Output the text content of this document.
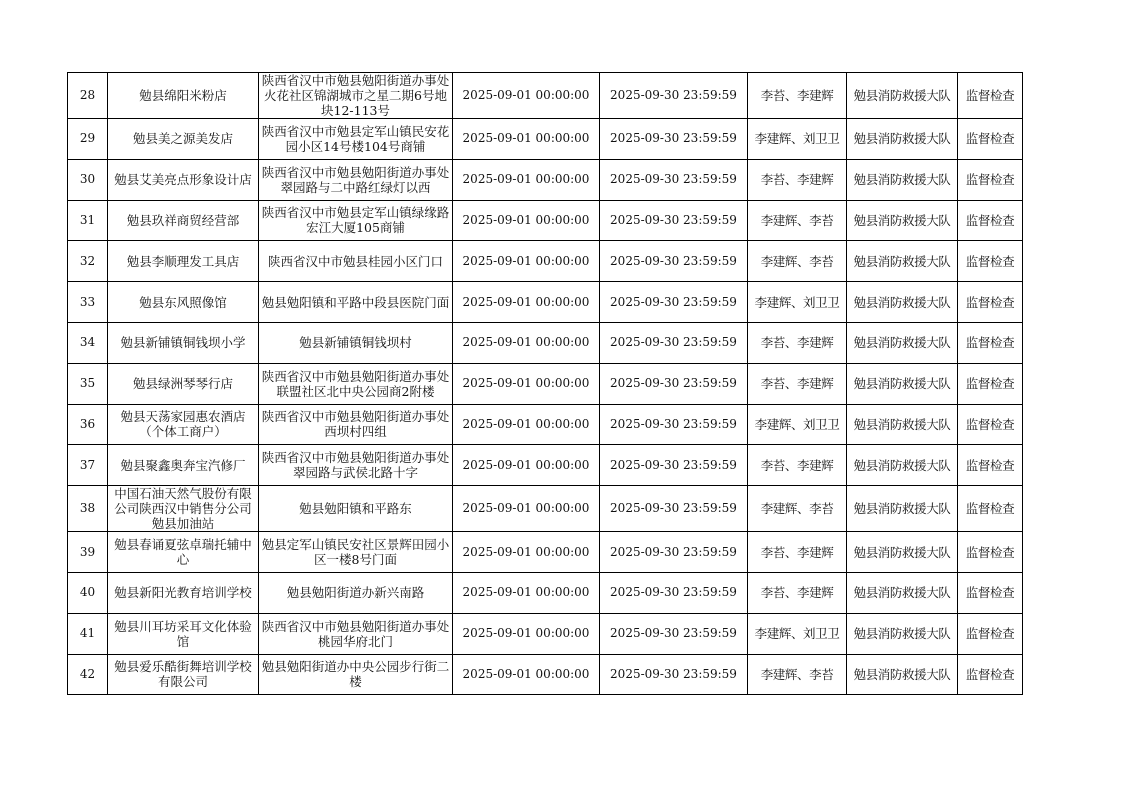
28	勉县绵阳米粉店	陕西省汉中市勉县勉阳街道办事处火花社区锦湖城市之星二期6号地块12-113号	2025-09-01 00:00:00	2025-09-30 23:59:59	李苔、李建辉	勉县消防救援大队	监督检查

29	勉县美之源美发店	陕西省汉中市勉县定军山镇民安花园小区14号楼104号商铺	2025-09-01 00:00:00	2025-09-30 23:59:59	李建辉、刘卫卫	勉县消防救援大队	监督检查

30	勉县艾美亮点形象设计店	陕西省汉中市勉县勉阳街道办事处翠园路与二中路红绿灯以西	2025-09-01 00:00:00	2025-09-30 23:59:59	李苔、李建辉	勉县消防救援大队	监督检查

31	勉县玖祥商贸经营部	陕西省汉中市勉县定军山镇绿缘路宏江大厦105商铺	2025-09-01 00:00:00	2025-09-30 23:59:59	李建辉、李苔	勉县消防救援大队	监督检查

32	勉县李顺理发工具店	陕西省汉中市勉县桂园小区门口	2025-09-01 00:00:00	2025-09-30 23:59:59	李建辉、李苔	勉县消防救援大队	监督检查

33	勉县东风照像馆	勉县勉阳镇和平路中段县医院门面	2025-09-01 00:00:00	2025-09-30 23:59:59	李建辉、刘卫卫	勉县消防救援大队	监督检查

34	勉县新铺镇铜钱坝小学	勉县新铺镇铜钱坝村	2025-09-01 00:00:00	2025-09-30 23:59:59	李苔、李建辉	勉县消防救援大队	监督检查

35	勉县绿洲琴琴行店	陕西省汉中市勉县勉阳街道办事处联盟社区北中央公园商2附楼	2025-09-01 00:00:00	2025-09-30 23:59:59	李苔、李建辉	勉县消防救援大队	监督检查

36	勉县天荡家园惠农酒店（个体工商户）	陕西省汉中市勉县勉阳街道办事处西坝村四组	2025-09-01 00:00:00	2025-09-30 23:59:59	李建辉、刘卫卫	勉县消防救援大队	监督检查

37	勉县聚鑫奥奔宝汽修厂	陕西省汉中市勉县勉阳街道办事处翠园路与武侯北路十字	2025-09-01 00:00:00	2025-09-30 23:59:59	李苔、李建辉	勉县消防救援大队	监督检查

38	中国石油天然气股份有限公司陕西汉中销售分公司勉县加油站	勉县勉阳镇和平路东	2025-09-01 00:00:00	2025-09-30 23:59:59	李建辉、李苔	勉县消防救援大队	监督检查

39	勉县春诵夏弦卓瑞托辅中心	勉县定军山镇民安社区景辉田园小区一楼8号门面	2025-09-01 00:00:00	2025-09-30 23:59:59	李苔、李建辉	勉县消防救援大队	监督检查

40	勉县新阳光教育培训学校	勉县勉阳街道办新兴南路	2025-09-01 00:00:00	2025-09-30 23:59:59	李苔、李建辉	勉县消防救援大队	监督检查

41	勉县川耳坊采耳文化体验馆	陕西省汉中市勉县勉阳街道办事处桃园华府北门	2025-09-01 00:00:00	2025-09-30 23:59:59	李建辉、刘卫卫	勉县消防救援大队	监督检查

42	勉县爱乐酷街舞培训学校有限公司	勉县勉阳街道办中央公园步行街二楼	2025-09-01 00:00:00	2025-09-30 23:59:59	李建辉、李苔	勉县消防救援大队	监督检查
